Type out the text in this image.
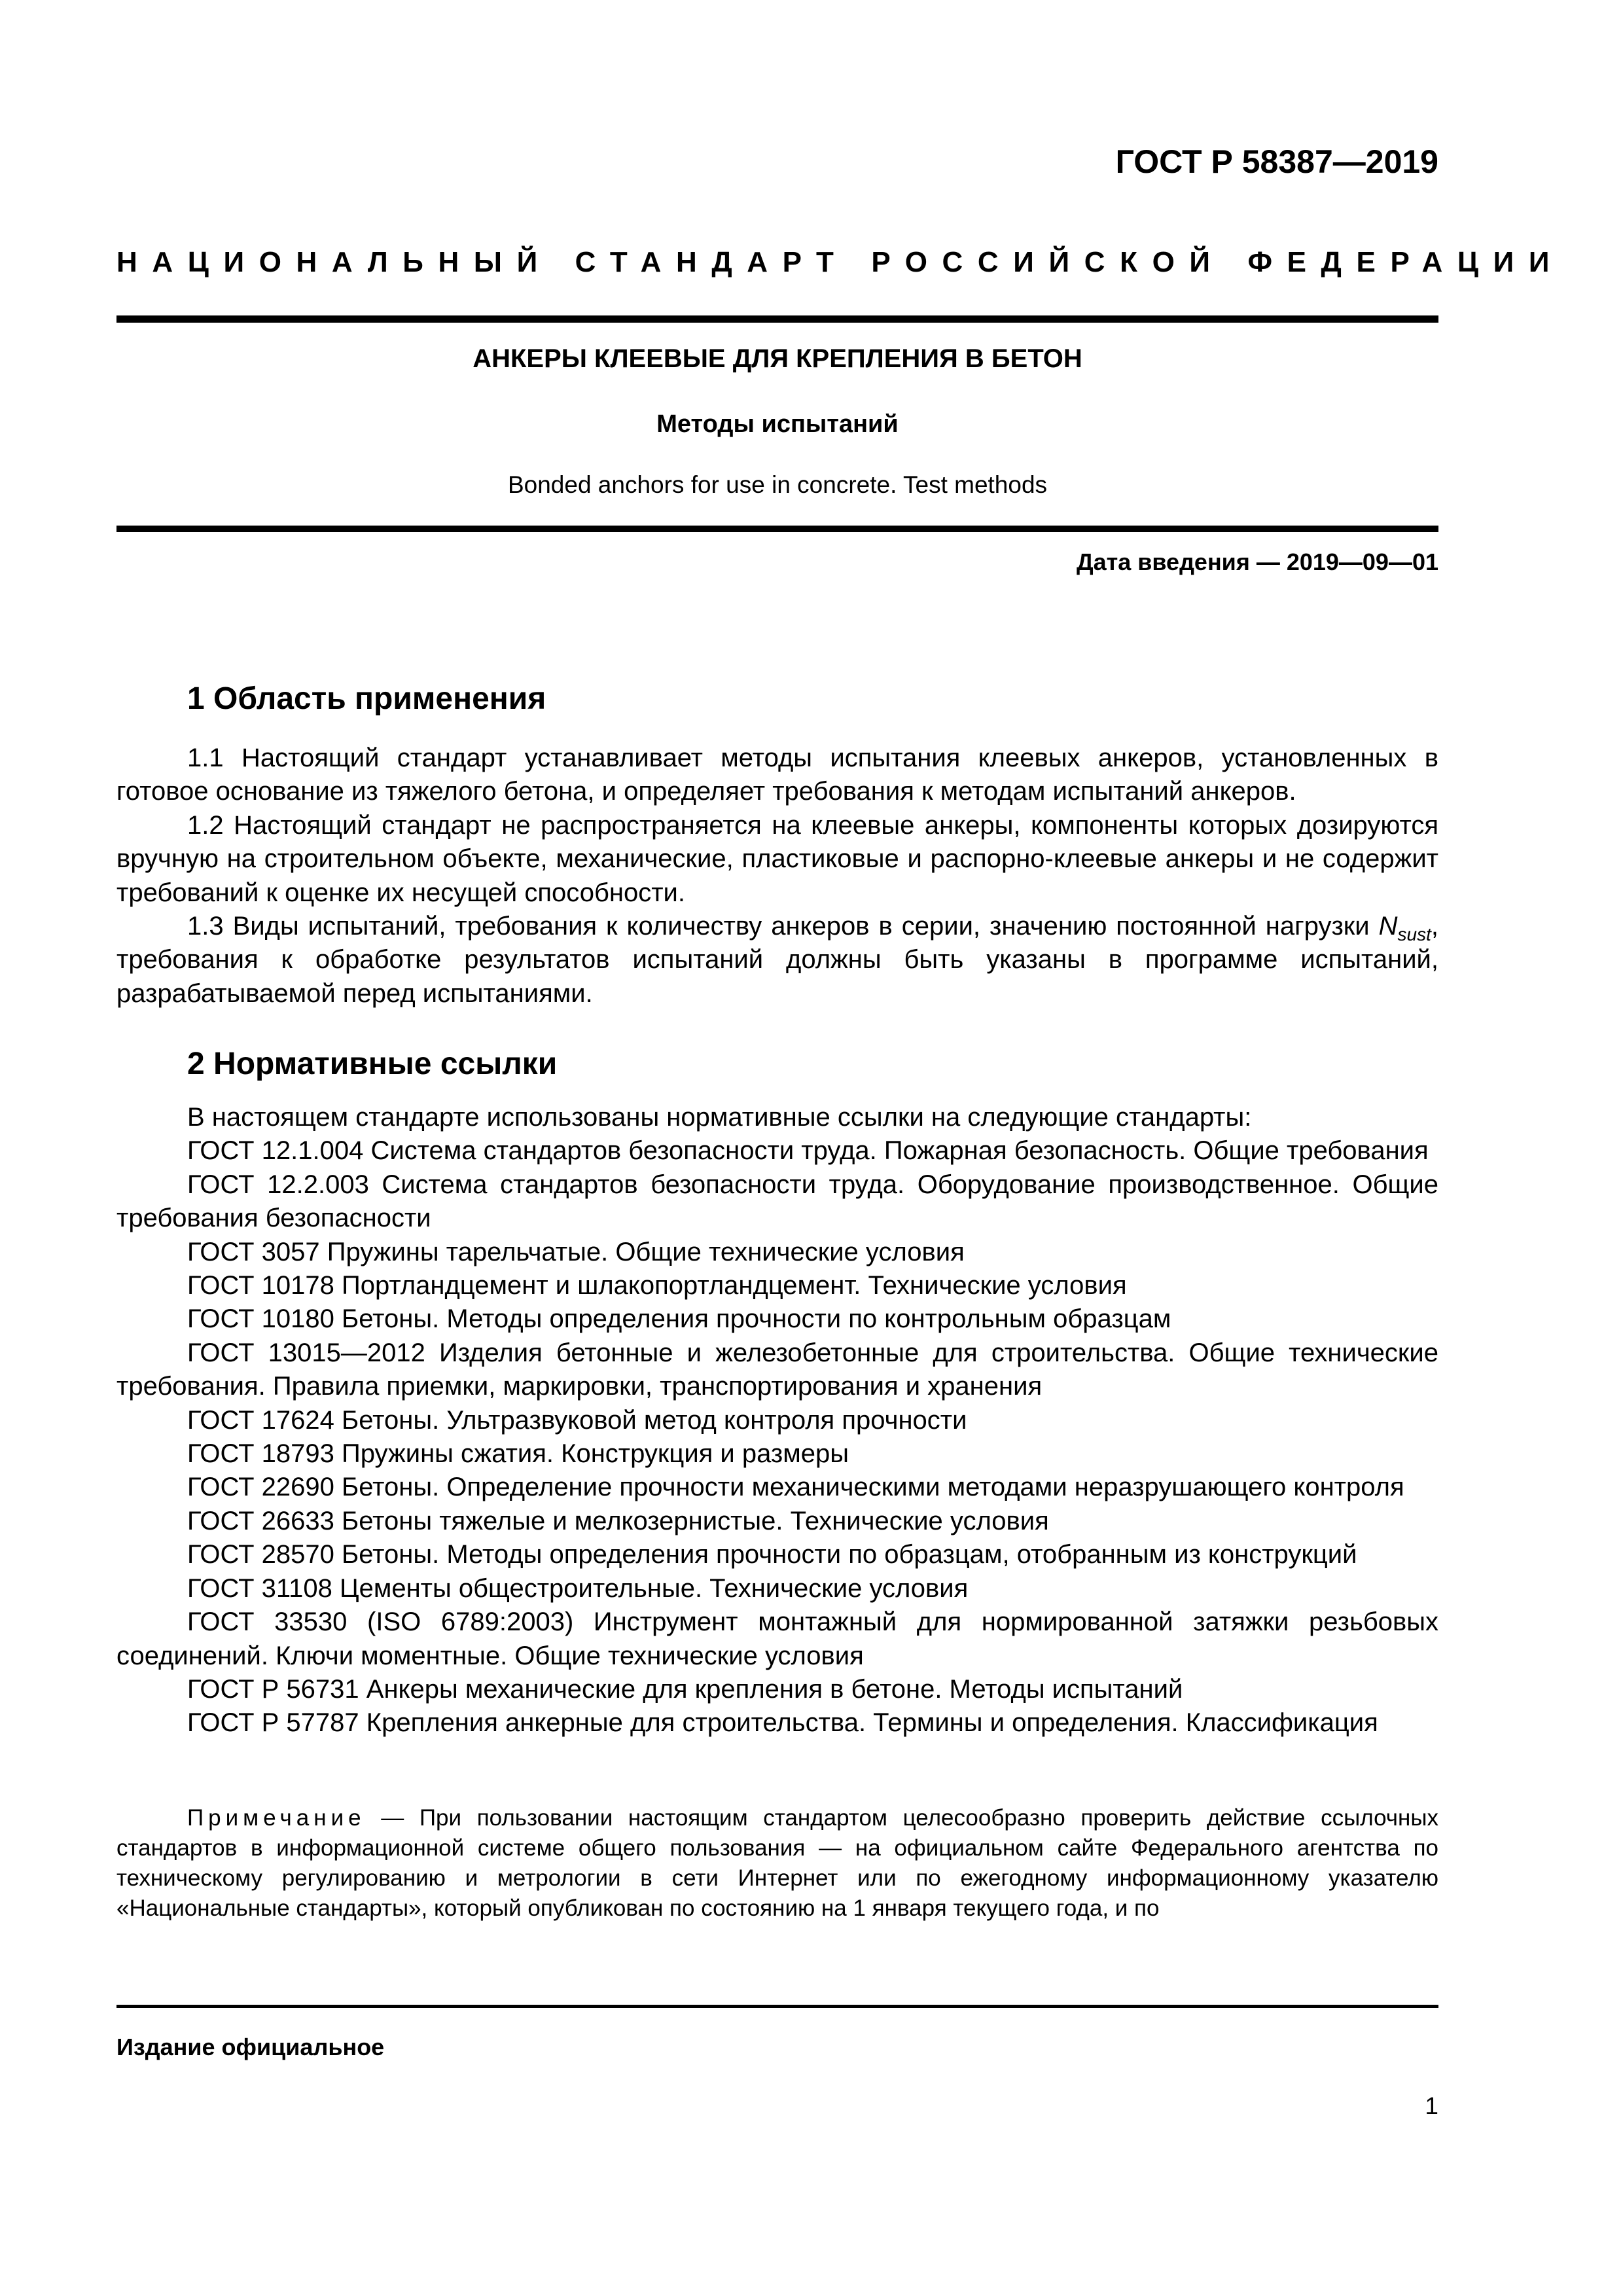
ГОСТ Р 58387—2019
НАЦИОНАЛЬНЫЙ СТАНДАРТ РОССИЙСКОЙ ФЕДЕРАЦИИ
АНКЕРЫ КЛЕЕВЫЕ ДЛЯ КРЕПЛЕНИЯ В БЕТОН
Методы испытаний
Bonded anchors for use in concrete. Test methods
Дата введения — 2019—09—01
1 Область применения

1.1 Настоящий стандарт устанавливает методы испытания клеевых анкеров, установленных в готовое основание из тяжелого бетона, и определяет требования к методам испытаний анкеров.

1.2 Настоящий стандарт не распространяется на клеевые анкеры, компоненты которых дозируются вручную на строительном объекте, механические, пластиковые и распорно-клеевые анкеры и не содержит требований к оценке их несущей способности.

1.3 Виды испытаний, требования к количеству анкеров в серии, значению постоянной нагрузки $N_{sust}$, требования к обработке результатов испытаний должны быть указаны в программе испытаний, разрабатываемой перед испытаниями.

2 Нормативные ссылки

В настоящем стандарте использованы нормативные ссылки на следующие стандарты:

ГОСТ 12.1.004 Система стандартов безопасности труда. Пожарная безопасность. Общие требования

ГОСТ 12.2.003 Система стандартов безопасности труда. Оборудование производственное. Общие требования безопасности

ГОСТ 3057 Пружины тарельчатые. Общие технические условия

ГОСТ 10178 Портландцемент и шлакопортландцемент. Технические условия

ГОСТ 10180 Бетоны. Методы определения прочности по контрольным образцам

ГОСТ 13015—2012 Изделия бетонные и железобетонные для строительства. Общие технические требования. Правила приемки, маркировки, транспортирования и хранения

ГОСТ 17624 Бетоны. Ультразвуковой метод контроля прочности

ГОСТ 18793 Пружины сжатия. Конструкция и размеры

ГОСТ 22690 Бетоны. Определение прочности механическими методами неразрушающего контроля

ГОСТ 26633 Бетоны тяжелые и мелкозернистые. Технические условия

ГОСТ 28570 Бетоны. Методы определения прочности по образцам, отобранным из конструкций

ГОСТ 31108 Цементы общестроительные. Технические условия

ГОСТ 33530 (ISO 6789:2003) Инструмент монтажный для нормированной затяжки резьбовых соединений. Ключи моментные. Общие технические условия

ГОСТ Р 56731 Анкеры механические для крепления в бетоне. Методы испытаний

ГОСТ Р 57787 Крепления анкерные для строительства. Термины и определения. Классификация

Примечание — При пользовании настоящим стандартом целесообразно проверить действие ссылочных стандартов в информационной системе общего пользования — на официальном сайте Федерального агентства по техническому регулированию и метрологии в сети Интернет или по ежегодному информационному указателю «Национальные стандарты», который опубликован по состоянию на 1 января текущего года, и по

Издание официальное
1
